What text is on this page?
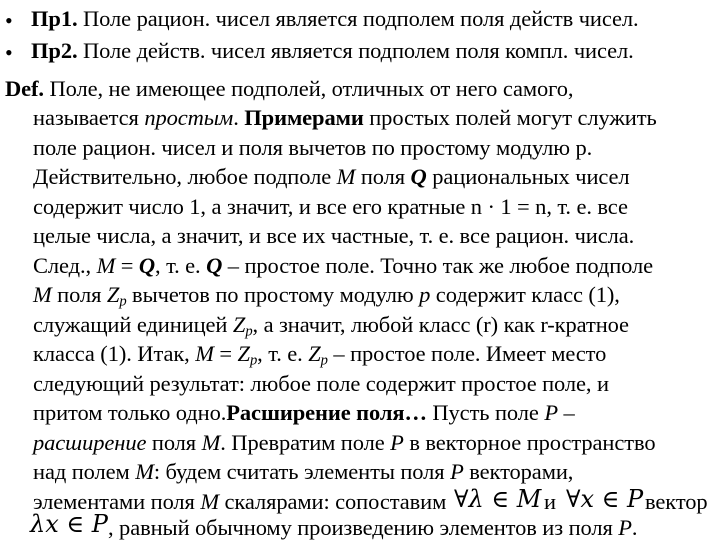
• Пр1. Поле рацион. чисел является подполем поля действ чисел.
• Пр2. Поле действ. чисел является подполем поля компл. чисел.
Def. Поле, не имеющее подполей, отличных от него самого,
называется простым. Примерами простых полей могут служить
поле рацион. чисел и поля вычетов по простому модулю р.
Действительно, любое подполе M поля Q рациональных чисел
содержит число 1, а значит, и все его кратные n · 1 = n, т. е. все
целые числа, а значит, и все их частные, т. е. все рацион. числа.
След., M = Q, т. е. Q – простое поле. Точно так же любое подполе
M поля $Z_p$ вычетов по простому модулю p содержит класс (1),
служащий единицей $Z_p$, а значит, любой класс (r) как r-кратное
класса (1). Итак, $M = Z_p$, т. е. $Z_p$ – простое поле. Имеет место
следующий результат: любое поле содержит простое поле, и
притом только одно.Расширение поля… Пусть поле P –
расширение поля M. Превратим поле P в векторное пространство
над полем M: будем считать элементы поля P векторами,
элементами поля M скалярами: сопоставим ∀λ ∈ M и ∀x ∈ P вектор
λx ∈ P , равный обычному произведению элементов из поля P.
